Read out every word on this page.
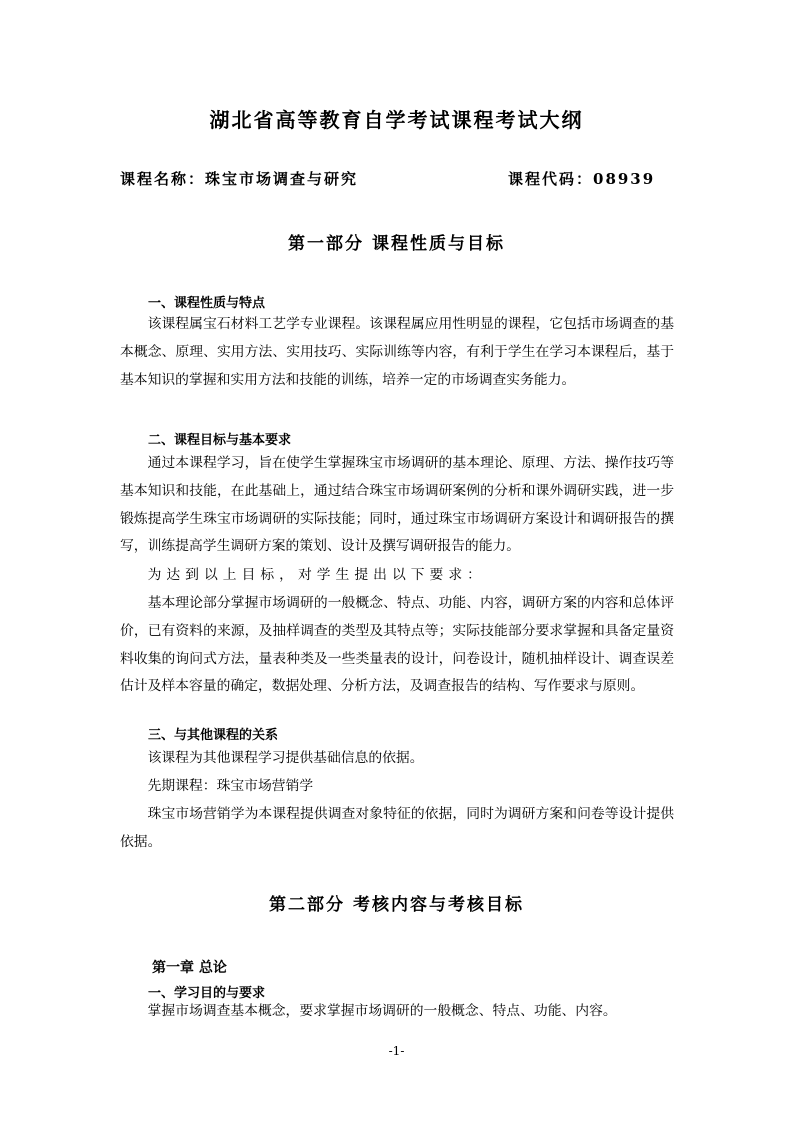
湖北省高等教育自学考试课程考试大纲
课程名称：珠宝市场调查与研究	课程代码：08939
第一部分 课程性质与目标
一、课程性质与特点

该课程属宝石材料工艺学专业课程。该课程属应用性明显的课程，它包括市场调查的基本概念、原理、实用方法、实用技巧、实际训练等内容，有利于学生在学习本课程后，基于基本知识的掌握和实用方法和技能的训练，培养一定的市场调查实务能力。

二、课程目标与基本要求

通过本课程学习，旨在使学生掌握珠宝市场调研的基本理论、原理、方法、操作技巧等基本知识和技能，在此基础上，通过结合珠宝市场调研案例的分析和课外调研实践，进一步锻炼提高学生珠宝市场调研的实际技能；同时，通过珠宝市场调研方案设计和调研报告的撰写，训练提高学生调研方案的策划、设计及撰写调研报告的能力。

为达到以上目标，对学生提出以下要求：

基本理论部分掌握市场调研的一般概念、特点、功能、内容，调研方案的内容和总体评价，已有资料的来源，及抽样调查的类型及其特点等；实际技能部分要求掌握和具备定量资料收集的询问式方法，量表种类及一些类量表的设计，问卷设计，随机抽样设计、调查误差估计及样本容量的确定，数据处理、分析方法，及调查报告的结构、写作要求与原则。

三、与其他课程的关系

该课程为其他课程学习提供基础信息的依据。

先期课程：珠宝市场营销学

珠宝市场营销学为本课程提供调查对象特征的依据，同时为调研方案和问卷等设计提供依据。

第二部分 考核内容与考核目标
第一章 总论
一、学习目的与要求

掌握市场调查基本概念，要求掌握市场调研的一般概念、特点、功能、内容。

-1-
